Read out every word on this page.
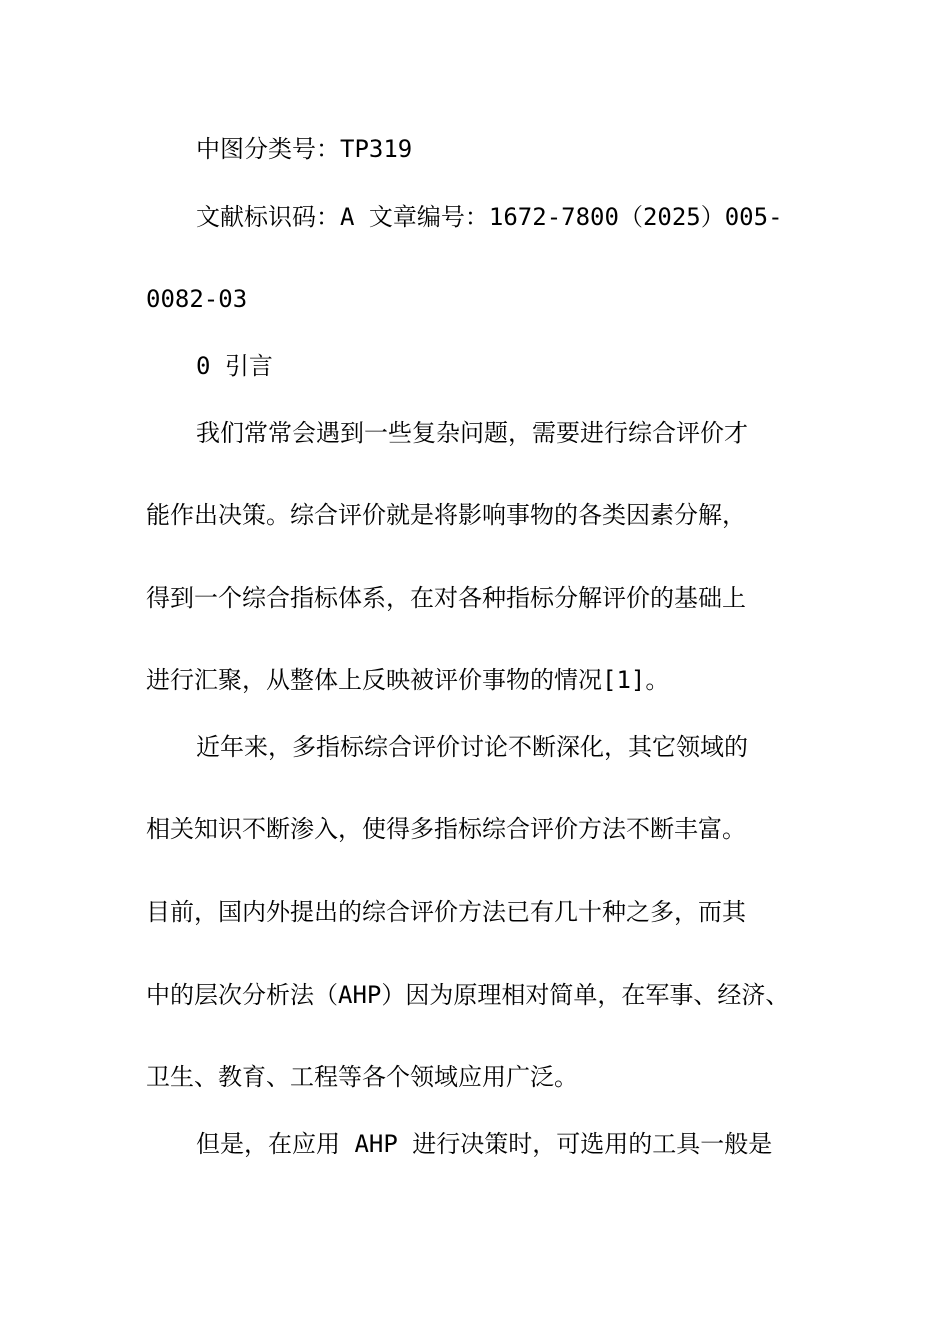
中图分类号：TP319
文献标识码：A 文章编号：1672-7800（2025）005-
0082-03
0 引言
我们常常会遇到一些复杂问题，需要进行综合评价才
能作出决策。综合评价就是将影响事物的各类因素分解，
得到一个综合指标体系，在对各种指标分解评价的基础上
进行汇聚，从整体上反映被评价事物的情况[1]。
近年来，多指标综合评价讨论不断深化，其它领域的
相关知识不断渗入，使得多指标综合评价方法不断丰富。
目前，国内外提出的综合评价方法已有几十种之多，而其
中的层次分析法（AHP）因为原理相对简单，在军事、经济、
卫生、教育、工程等各个领域应用广泛。
但是，在应用 AHP 进行决策时，可选用的工具一般是
